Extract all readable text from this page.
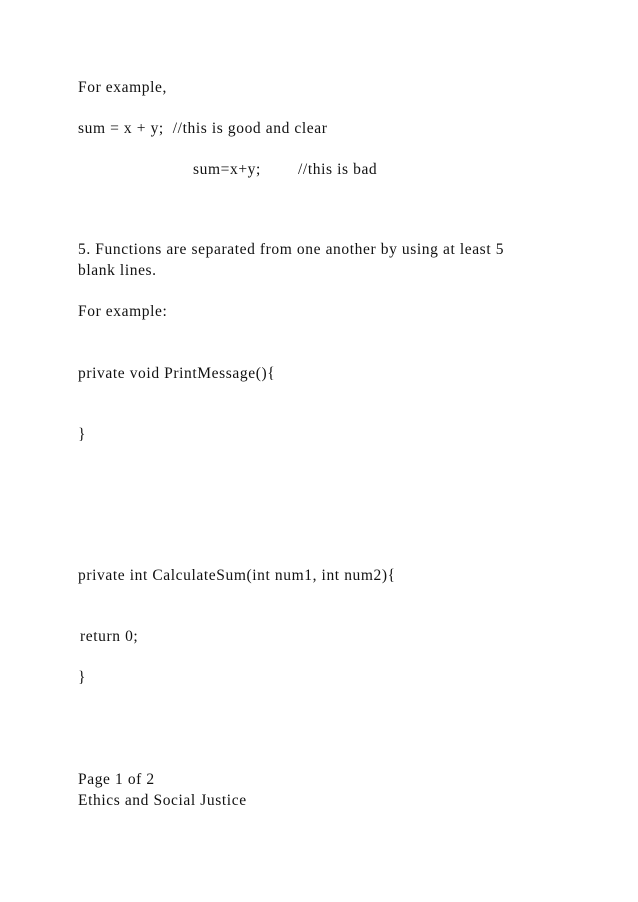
For example,
sum = x + y;  //this is good and clear
sum=x+y; //this is bad
5. Functions are separated from one another by using at least 5
blank lines.
For example:
private void PrintMessage(){
}
private int CalculateSum(int num1, int num2){
return 0;
}
Page 1 of 2
Ethics and Social Justice
